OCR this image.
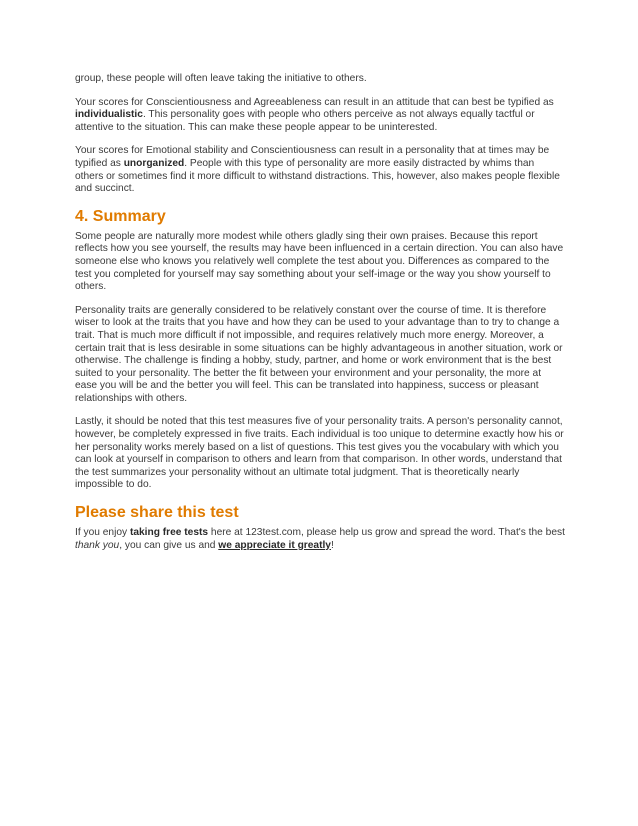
group, these people will often leave taking the initiative to others.

Your scores for Conscientiousness and Agreeableness can result in an attitude that can best be typified as individualistic. This personality goes with people who others perceive as not always equally tactful or attentive to the situation. This can make these people appear to be uninterested.

Your scores for Emotional stability and Conscientiousness can result in a personality that at times may be typified as unorganized. People with this type of personality are more easily distracted by whims than others or sometimes find it more difficult to withstand distractions. This, however, also makes people flexible and succinct.

4. Summary

Some people are naturally more modest while others gladly sing their own praises. Because this report reflects how you see yourself, the results may have been influenced in a certain direction. You can also have someone else who knows you relatively well complete the test about you. Differences as compared to the test you completed for yourself may say something about your self-image or the way you show yourself to others.

Personality traits are generally considered to be relatively constant over the course of time. It is therefore wiser to look at the traits that you have and how they can be used to your advantage than to try to change a trait. That is much more difficult if not impossible, and requires relatively much more energy. Moreover, a certain trait that is less desirable in some situations can be highly advantageous in another situation, work or otherwise. The challenge is finding a hobby, study, partner, and home or work environment that is the best suited to your personality. The better the fit between your environment and your personality, the more at ease you will be and the better you will feel. This can be translated into happiness, success or pleasant relationships with others.

Lastly, it should be noted that this test measures five of your personality traits. A person's personality cannot, however, be completely expressed in five traits. Each individual is too unique to determine exactly how his or her personality works merely based on a list of questions. This test gives you the vocabulary with which you can look at yourself in comparison to others and learn from that comparison. In other words, understand that the test summarizes your personality without an ultimate total judgment. That is theoretically nearly impossible to do.

Please share this test

If you enjoy taking free tests here at 123test.com, please help us grow and spread the word. That's the best thank you, you can give us and we appreciate it greatly!
